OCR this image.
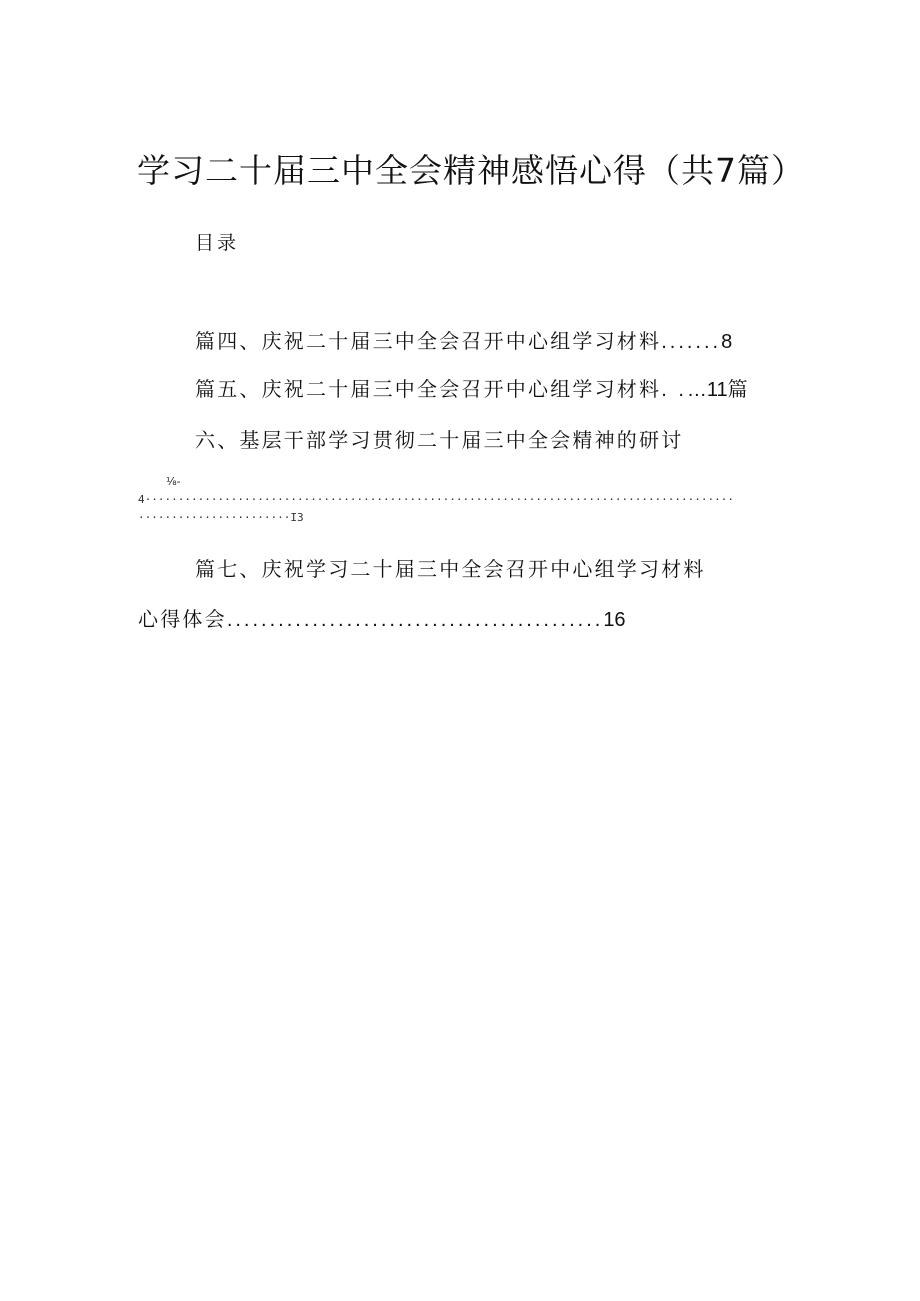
学习二十届三中全会精神感悟心得（共7篇）
目录
篇四、庆祝二十届三中全会召开中心组学习材料.......8
篇五、庆祝二十届三中全会召开中心组学习材料. .…11篇
六、基层干部学习贯彻二十届三中全会精神的研讨
⅛-
4·························································································
·······················I3
篇七、庆祝学习二十届三中全会召开中心组学习材料
心得体会............................................16
